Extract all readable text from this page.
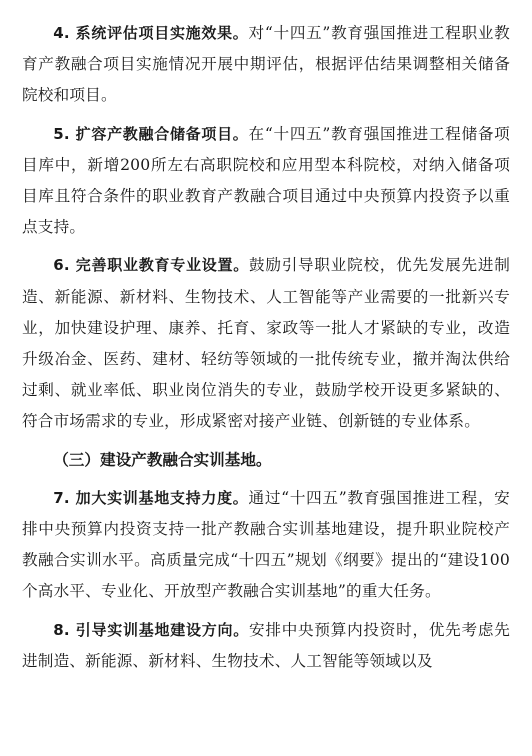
4. 系统评估项目实施效果。对“十四五”教育强国推进工程职业教育产教融合项目实施情况开展中期评估，根据评估结果调整相关储备院校和项目。

5. 扩容产教融合储备项目。在“十四五”教育强国推进工程储备项目库中，新增200所左右高职院校和应用型本科院校，对纳入储备项目库且符合条件的职业教育产教融合项目通过中央预算内投资予以重点支持。

6. 完善职业教育专业设置。鼓励引导职业院校，优先发展先进制造、新能源、新材料、生物技术、人工智能等产业需要的一批新兴专业，加快建设护理、康养、托育、家政等一批人才紧缺的专业，改造升级冶金、医药、建材、轻纺等领域的一批传统专业，撤并淘汰供给过剩、就业率低、职业岗位消失的专业，鼓励学校开设更多紧缺的、符合市场需求的专业，形成紧密对接产业链、创新链的专业体系。

（三）建设产教融合实训基地。

7. 加大实训基地支持力度。通过“十四五”教育强国推进工程，安排中央预算内投资支持一批产教融合实训基地建设，提升职业院校产教融合实训水平。高质量完成“十四五”规划《纲要》提出的“建设100个高水平、专业化、开放型产教融合实训基地”的重大任务。

8. 引导实训基地建设方向。安排中央预算内投资时，优先考虑先进制造、新能源、新材料、生物技术、人工智能等领域以及
